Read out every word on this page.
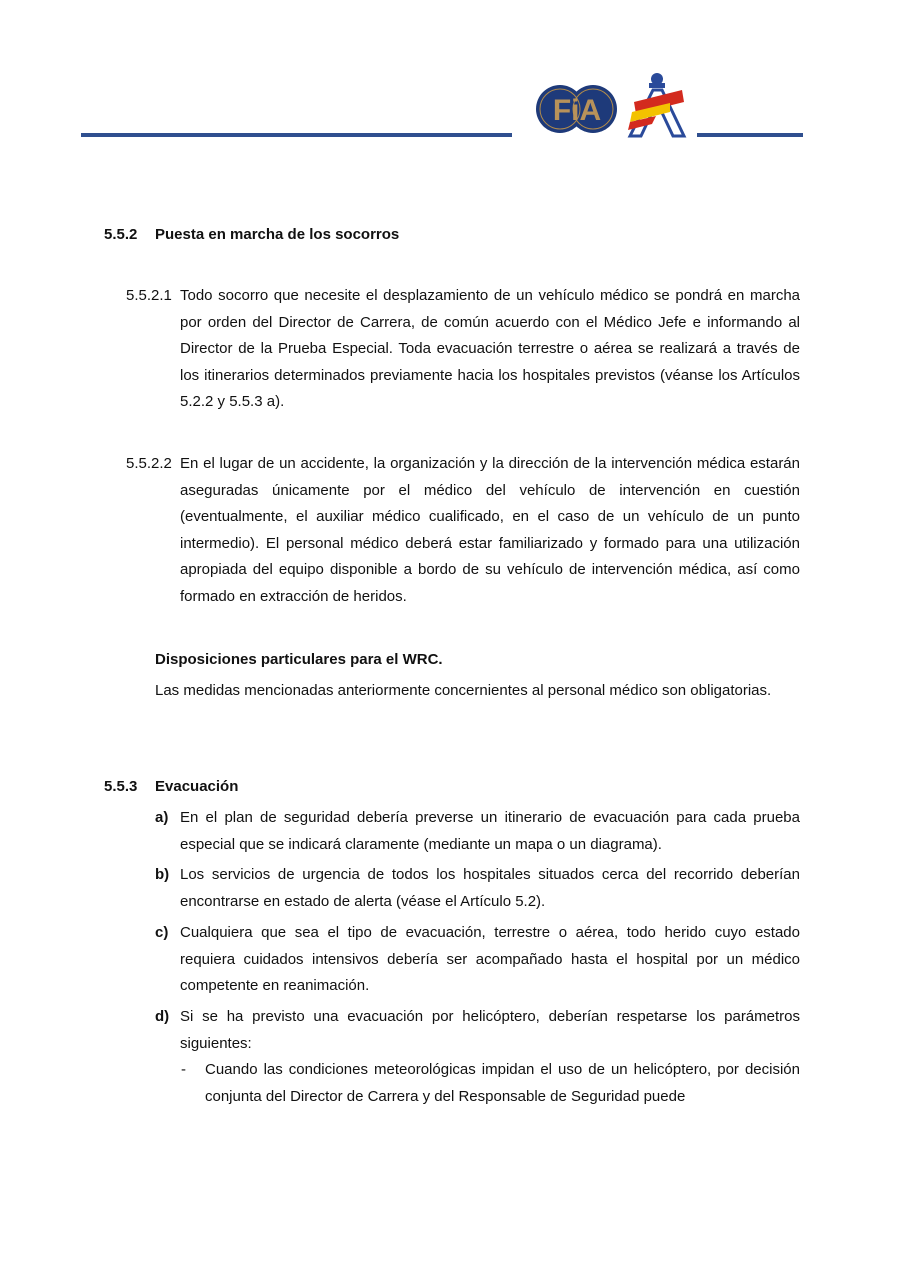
FiA
5.5.2 Puesta en marcha de los socorros
5.5.2.1 Todo socorro que necesite el desplazamiento de un vehículo médico se pondrá en marcha por orden del Director de Carrera, de común acuerdo con el Médico Jefe e informando al Director de la Prueba Especial. Toda evacuación terrestre o aérea se realizará a través de los itinerarios determinados previamente hacia los hospitales previstos (véanse los Artículos 5.2.2 y 5.5.3 a).
5.5.2.2 En el lugar de un accidente, la organización y la dirección de la intervención médica estarán aseguradas únicamente por el médico del vehículo de intervención en cuestión (eventualmente, el auxiliar médico cualificado, en el caso de un vehículo de un punto intermedio). El personal médico deberá estar familiarizado y formado para una utilización apropiada del equipo disponible a bordo de su vehículo de intervención médica, así como formado en extracción de heridos.
Disposiciones particulares para el WRC.
Las medidas mencionadas anteriormente concernientes al personal médico son obligatorias.
5.5.3 Evacuación
a) En el plan de seguridad debería preverse un itinerario de evacuación para cada prueba especial que se indicará claramente (mediante un mapa o un diagrama).
b) Los servicios de urgencia de todos los hospitales situados cerca del recorrido deberían encontrarse en estado de alerta (véase el Artículo 5.2).
c) Cualquiera que sea el tipo de evacuación, terrestre o aérea, todo herido cuyo estado requiera cuidados intensivos debería ser acompañado hasta el hospital por un médico competente en reanimación.
d) Si se ha previsto una evacuación por helicóptero, deberían respetarse los parámetros siguientes:
- Cuando las condiciones meteorológicas impidan el uso de un helicóptero, por decisión conjunta del Director de Carrera y del Responsable de Seguridad puede
